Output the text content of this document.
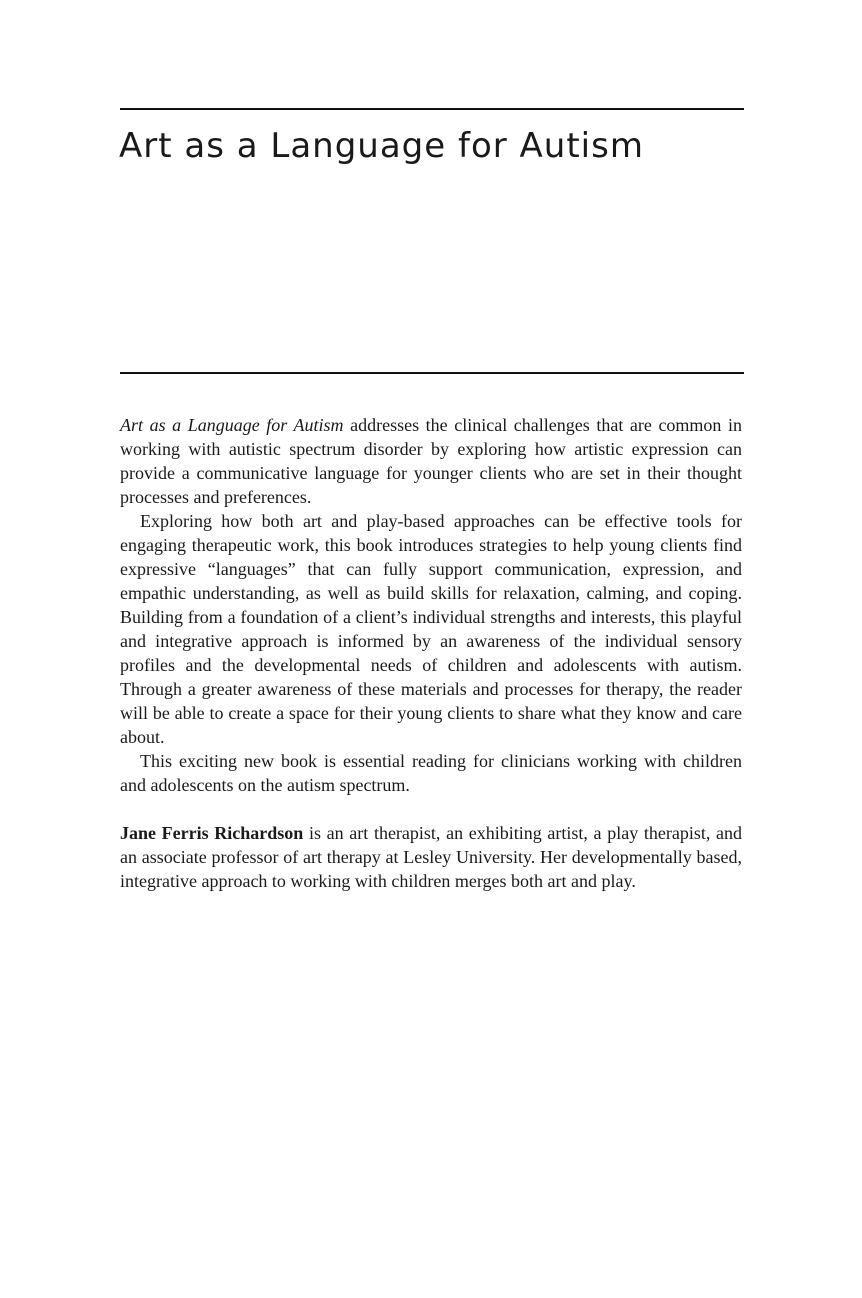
Art as a Language for Autism

Art as a Language for Autism addresses the clinical challenges that are common in working with autistic spectrum disorder by exploring how artistic expression can provide a communicative language for younger clients who are set in their thought processes and preferences.

Exploring how both art and play-based approaches can be effective tools for engaging therapeutic work, this book introduces strategies to help young clients find expressive “languages” that can fully support communication, expression, and empathic understanding, as well as build skills for relaxation, calming, and coping. Building from a foundation of a client’s individual strengths and interests, this playful and integrative approach is informed by an awareness of the individual sensory profiles and the developmental needs of children and adolescents with autism. Through a greater awareness of these materials and processes for therapy, the reader will be able to create a space for their young clients to share what they know and care about.

This exciting new book is essential reading for clinicians working with children and adolescents on the autism spectrum.

Jane Ferris Richardson is an art therapist, an exhibiting artist, a play therapist, and an associate professor of art therapy at Lesley University. Her developmentally based, integrative approach to working with children merges both art and play.
